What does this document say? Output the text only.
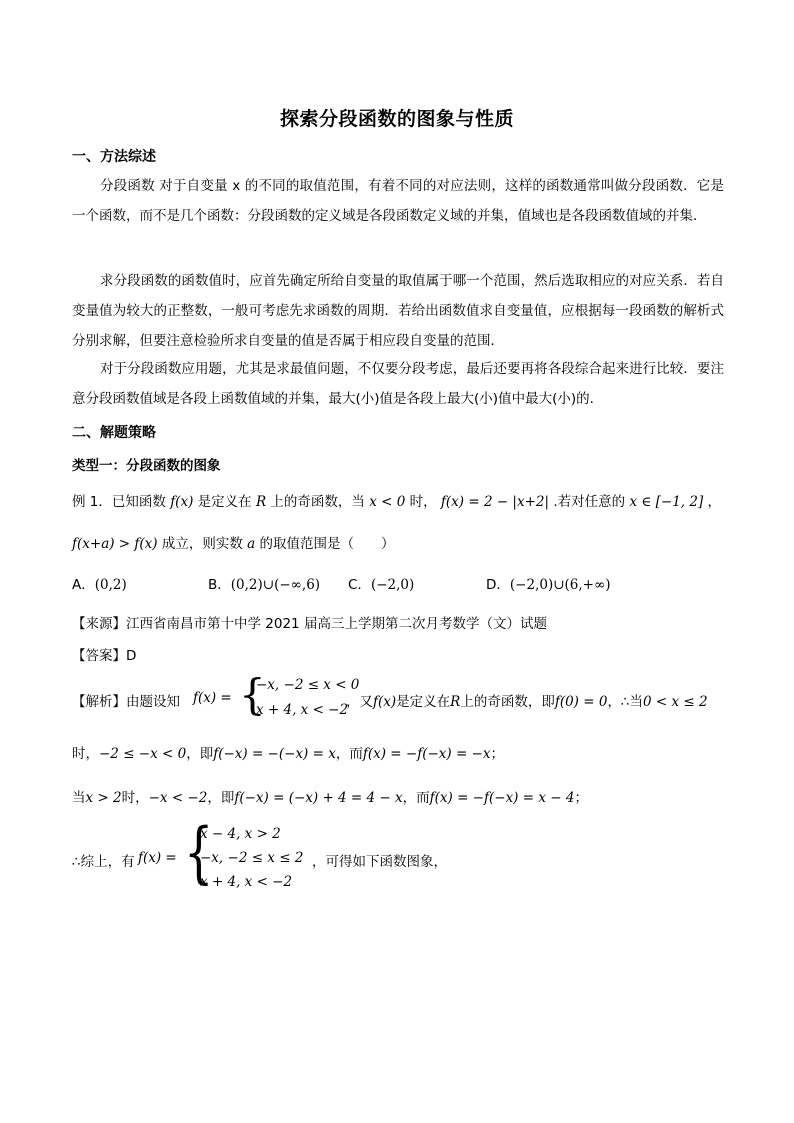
探索分段函数的图象与性质
一、方法综述

分段函数 对于自变量 x 的不同的取值范围，有着不同的对应法则，这样的函数通常叫做分段函数．它是一个函数，而不是几个函数：分段函数的定义域是各段函数定义域的并集，值域也是各段函数值域的并集．

求分段函数的函数值时，应首先确定所给自变量的取值属于哪一个范围，然后选取相应的对应关系．若自变量值为较大的正整数，一般可考虑先求函数的周期．若给出函数值求自变量值，应根据每一段函数的解析式分别求解，但要注意检验所求自变量的值是否属于相应段自变量的范围．

对于分段函数应用题，尤其是求最值问题，不仅要分段考虑，最后还要再将各段综合起来进行比较．要注意分段函数值域是各段上函数值域的并集，最大(小)值是各段上最大(小)值中最大(小)的．

二、解题策略
类型一：分段函数的图象
例 1．已知函数 f(x) 是定义在 R 上的奇函数，当 x < 0 时， f(x) = 2 − |x+2| .若对任意的 x ∈ [−1, 2] ，
f(x+a) > f(x) 成立，则实数 a 的取值范围是（　　）
A．(0,2)	B．(0,2)∪(−∞,6) C．(−2,0)	D．(−2,0)∪(6,+∞)
【来源】江西省南昌市第十中学 2021 届高三上学期第二次月考数学（文）试题
【答案】D
【解析】由题设知 f(x) = {
−x, −2 ≤ x < 0
x + 4, x < −2
，又f(x)是定义在R上的奇函数，即f(0) = 0，∴当0 < x ≤ 2
时，−2 ≤ −x < 0，即f(−x) = −(−x) = x，而f(x) = −f(−x) = −x；
当x > 2时，−x < −2，即f(−x) = (−x) + 4 = 4 − x，而f(x) = −f(−x) = x − 4；
∴综上，有 f(x) = {
x − 4, x > 2
−x, −2 ≤ x ≤ 2
x + 4, x < −2
，可得如下函数图象，
